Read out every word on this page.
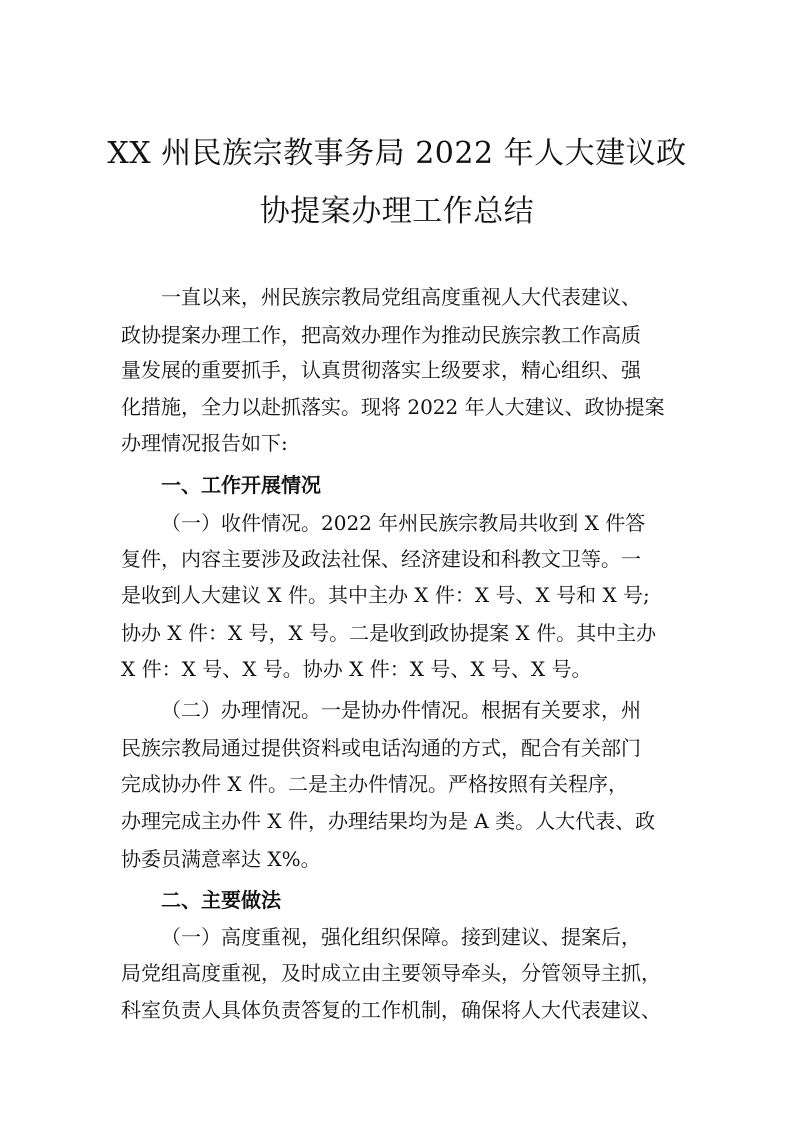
XX 州民族宗教事务局 2022 年人大建议政
协提案办理工作总结
一直以来，州民族宗教局党组高度重视人大代表建议、
政协提案办理工作，把高效办理作为推动民族宗教工作高质
量发展的重要抓手，认真贯彻落实上级要求，精心组织、强
化措施，全力以赴抓落实。现将 2022 年人大建议、政协提案
办理情况报告如下:
一、工作开展情况
（一）收件情况。2022 年州民族宗教局共收到 X 件答
复件，内容主要涉及政法社保、经济建设和科教文卫等。一
是收到人大建议 X 件。其中主办 X 件：X 号、X 号和 X 号;
协办 X 件：X 号，X 号。二是收到政协提案 X 件。其中主办
X 件：X 号、X 号。协办 X 件：X 号、X 号、X 号。
（二）办理情况。一是协办件情况。根据有关要求，州
民族宗教局通过提供资料或电话沟通的方式，配合有关部门
完成协办件 X 件。二是主办件情况。严格按照有关程序，
办理完成主办件 X 件，办理结果均为是 A 类。人大代表、政
协委员满意率达 X%。
二、主要做法
（一）高度重视，强化组织保障。接到建议、提案后，
局党组高度重视，及时成立由主要领导牵头，分管领导主抓，
科室负责人具体负责答复的工作机制，确保将人大代表建议、
